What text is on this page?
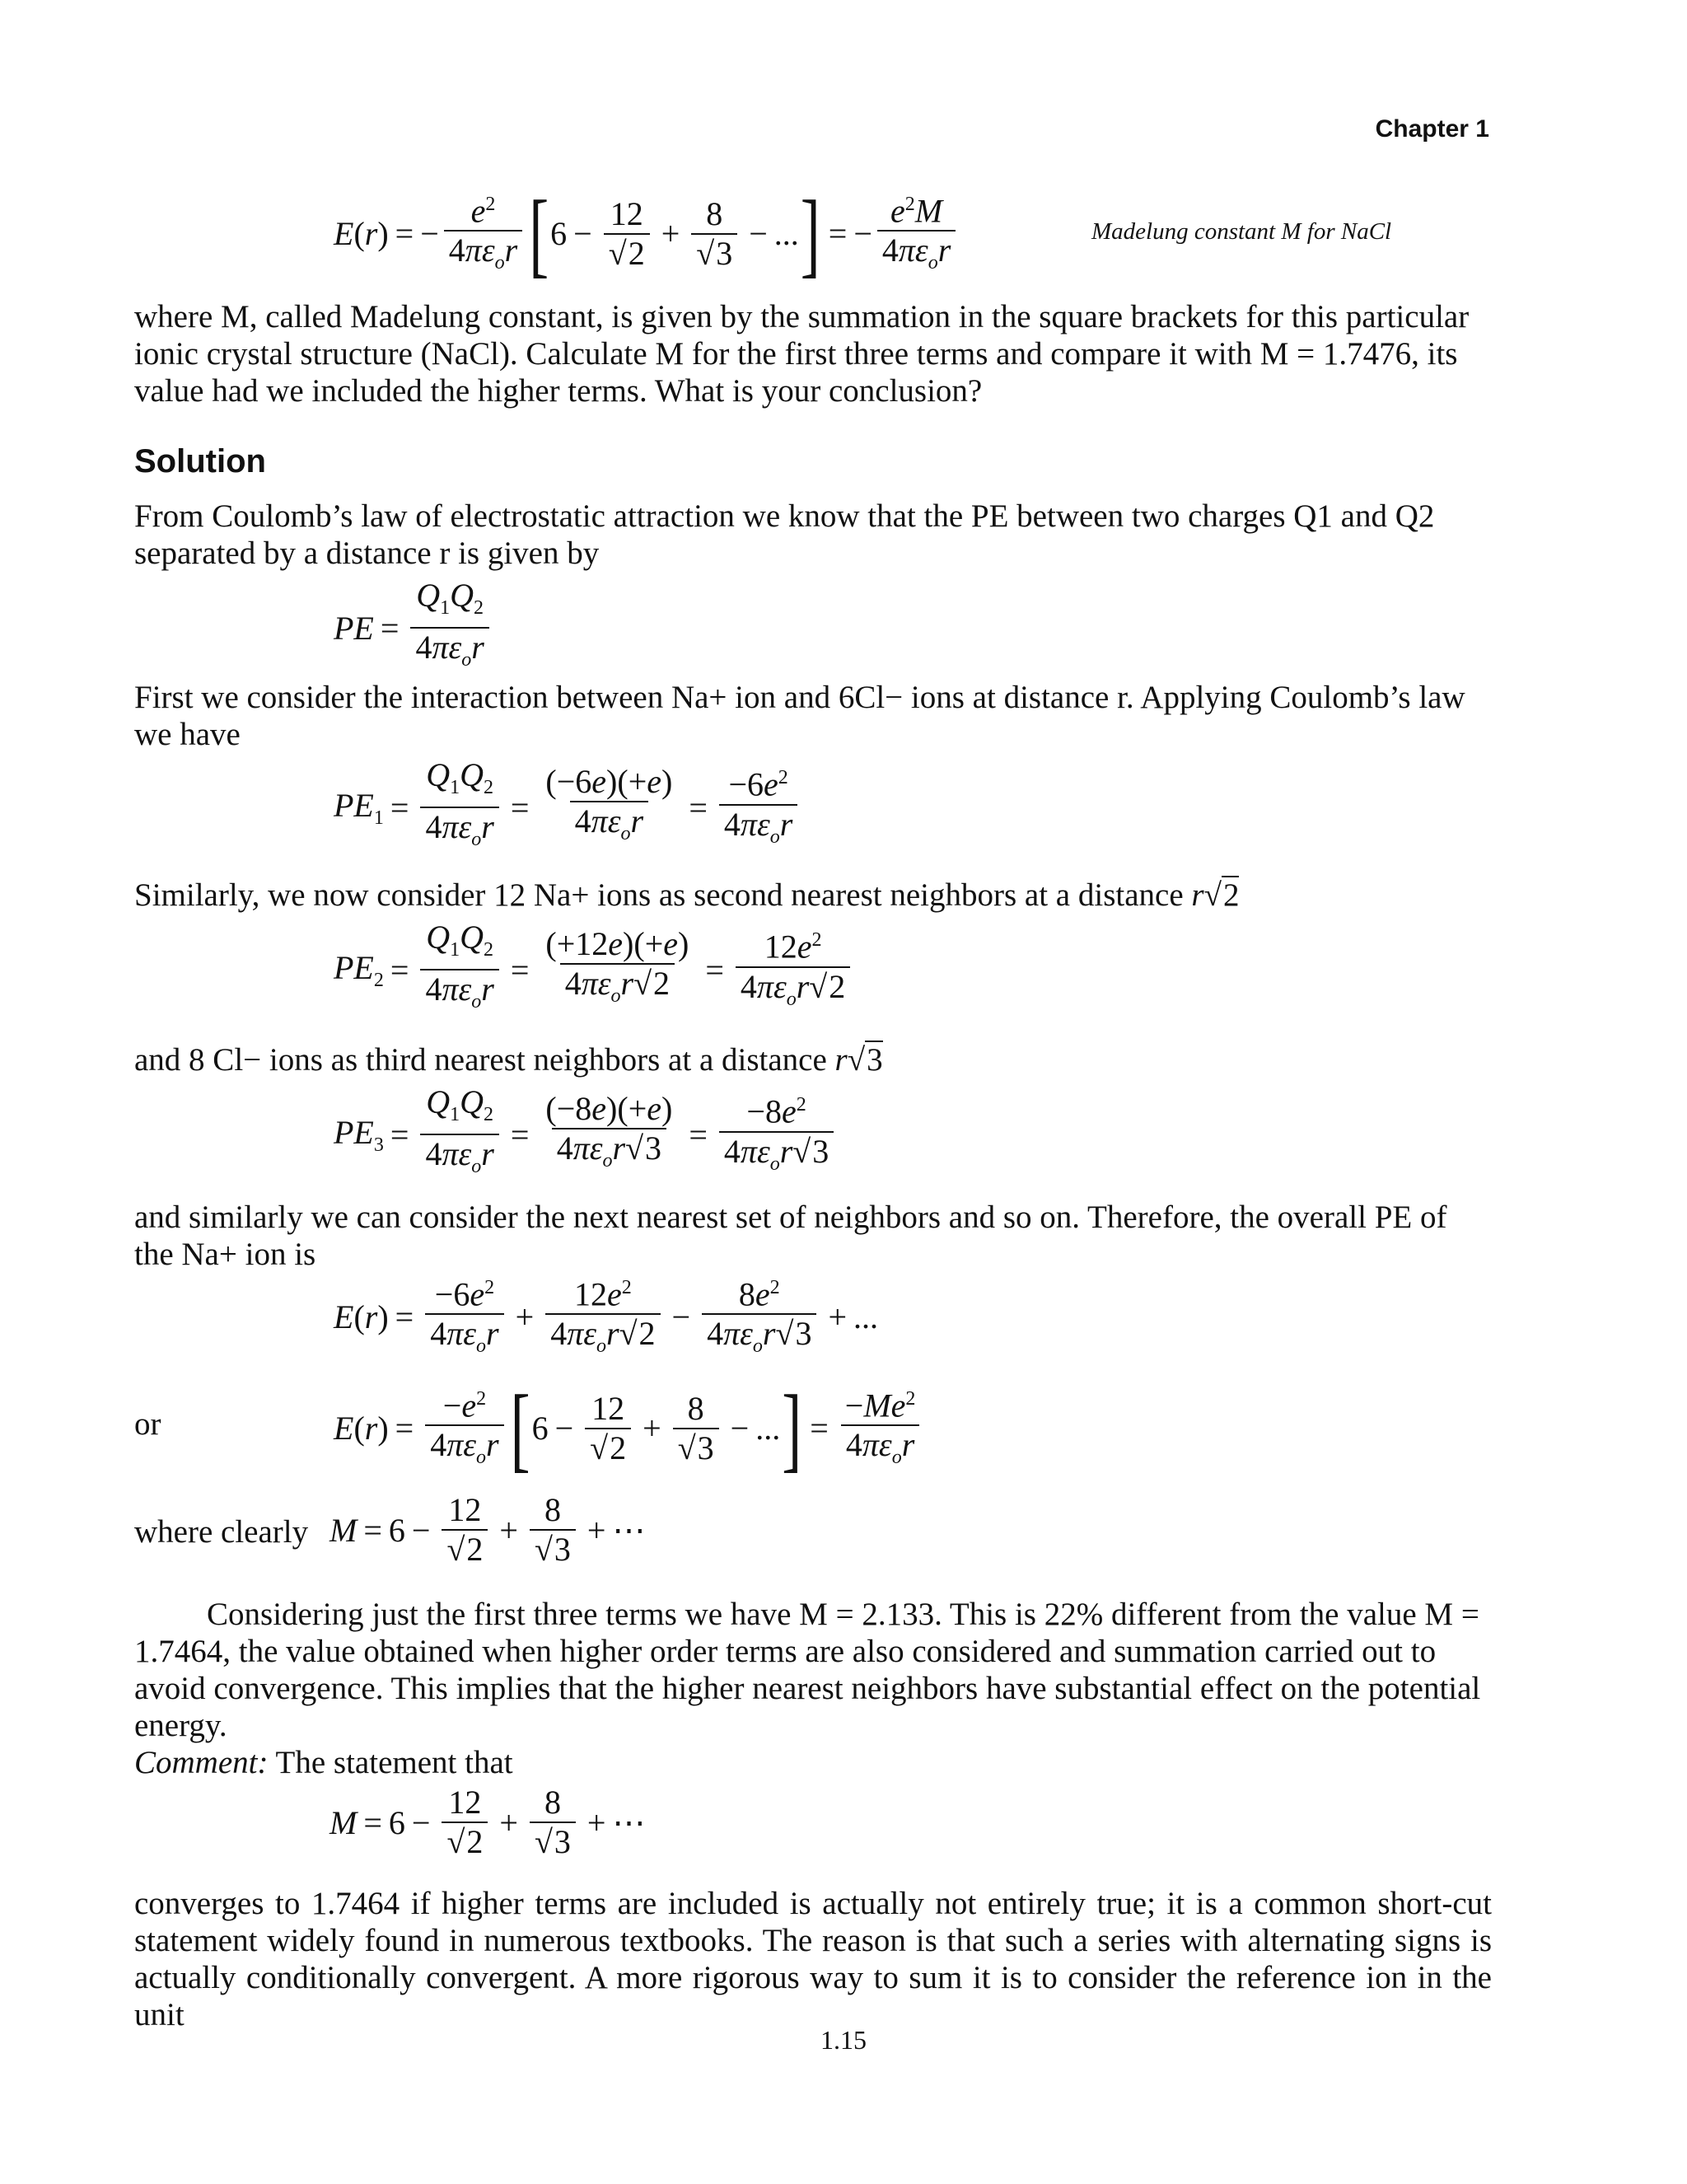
Chapter 1
E(r) = − $\frac{e^2}{4\pi\varepsilon_or}$ [ $6 - \frac{12}{√2} + \frac{8}{√3}$ − ... ] = − $\frac{e^2M}{4\pi\varepsilon_or}$	Madelung constant M for NaCl
where M, called Madelung constant, is given by the summation in the square brackets for this particular ionic crystal structure (NaCl). Calculate M for the first three terms and compare it with M = 1.7476, its value had we included the higher terms. What is your conclusion?
Solution
From Coulomb’s law of electrostatic attraction we know that the PE between two charges Q1 and Q2 separated by a distance r is given by
PE = $\frac{Q_1Q_2}{4\pi\varepsilon_or}$
First we consider the interaction between Na+ ion and 6Cl− ions at distance r. Applying Coulomb’s law we have
$PE_1 = \frac{Q_1Q_2}{4\pi\varepsilon_or} = \frac{(-6e)(+e)}{4\pi\varepsilon_or} = \frac{-6e^2}{4\pi\varepsilon_or}$
Similarly, we now consider 12 Na+ ions as second nearest neighbors at a distance r√2
$PE_2 = \frac{Q_1Q_2}{4\pi\varepsilon_or} = \frac{(+12e)(+e)}{4\pi\varepsilon_or√2} = \frac{12e^2}{4\pi\varepsilon_or√2}$
and 8 Cl− ions as third nearest neighbors at a distance r√3
$PE_3 = \frac{Q_1Q_2}{4\pi\varepsilon_or} = \frac{(-8e)(+e)}{4\pi\varepsilon_or√3} = \frac{-8e^2}{4\pi\varepsilon_or√3}$
and similarly we can consider the next nearest set of neighbors and so on. Therefore, the overall PE of the Na+ ion is
$E(r) = \frac{-6e^2}{4\pi\varepsilon_or} + \frac{12e^2}{4\pi\varepsilon_or√2} - \frac{8e^2}{4\pi\varepsilon_or√3}$ + ...
or	$E(r) = \frac{-e^2}{4\pi\varepsilon_or}$ [ $6 - \frac{12}{√2} + \frac{8}{√3}$ − ... ] = $\frac{-Me^2}{4\pi\varepsilon_or}$
where clearly $M = 6 - \frac{12}{√2} + \frac{8}{√3}$ + ⋯
Considering just the first three terms we have M = 2.133. This is 22% different from the value M = 1.7464, the value obtained when higher order terms are also considered and summation carried out to avoid convergence. This implies that the higher nearest neighbors have substantial effect on the potential energy.
Comment: The statement that
$M = 6 - \frac{12}{√2} + \frac{8}{√3}$ + ⋯
converges to 1.7464 if higher terms are included is actually not entirely true; it is a common short-cut statement widely found in numerous textbooks. The reason is that such a series with alternating signs is actually conditionally convergent. A more rigorous way to sum it is to consider the reference ion in the unit
1.15
